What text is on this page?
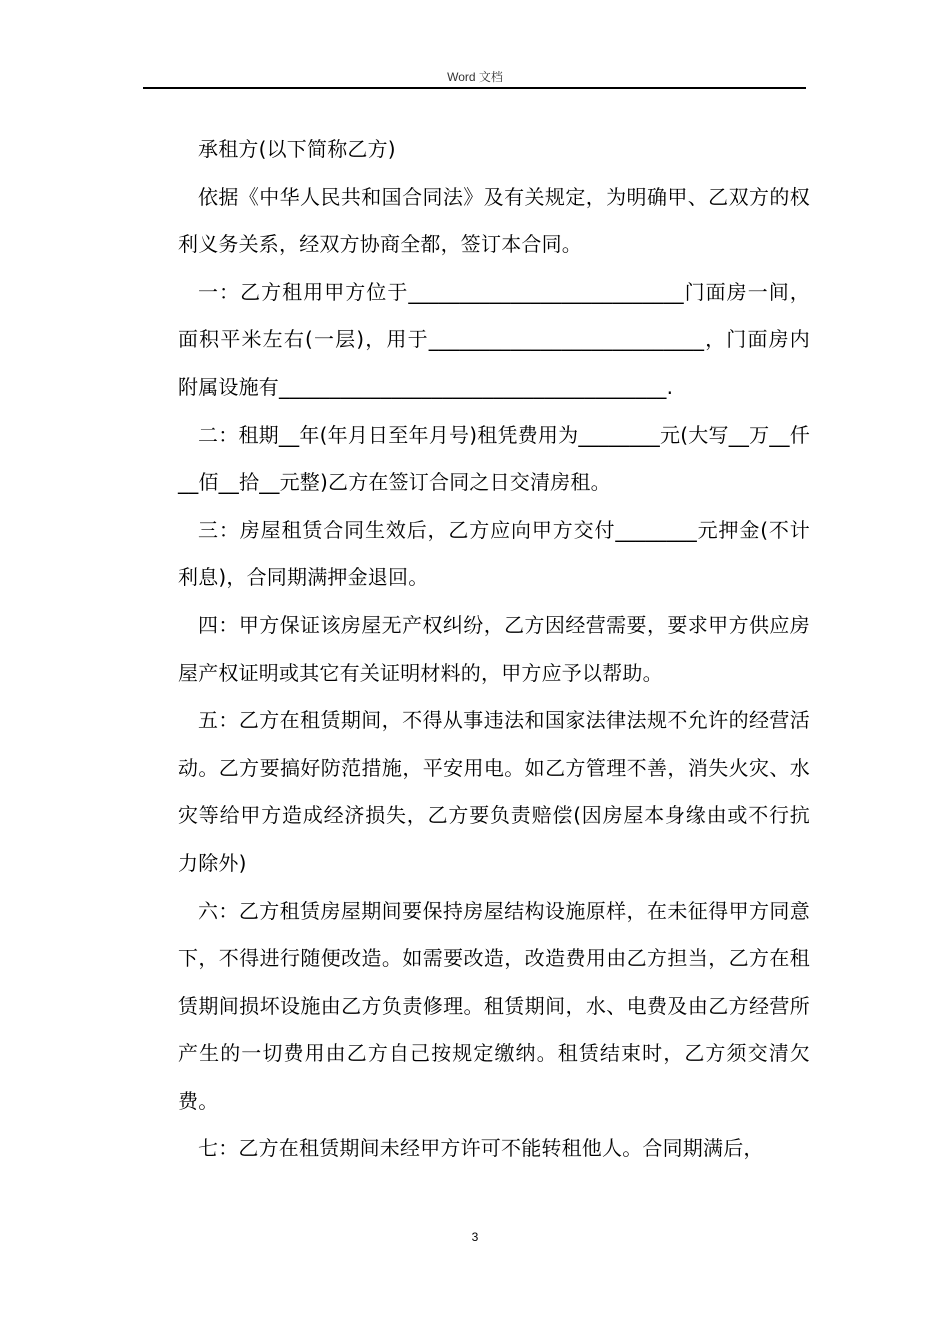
Word 文档

承租方(以下简称乙方)

依据《中华人民共和国合同法》及有关规定，为明确甲、乙双方的权利义务关系，经双方协商全都，签订本合同。

一：乙方租用甲方位于___________________________门面房一间，面积平米左右(一层)，用于___________________________，门面房内附属设施有______________________________________.

二：租期__年(年月日至年月号)租凭费用为________元(大写__万__仟__佰__拾__元整)乙方在签订合同之日交清房租。

三：房屋租赁合同生效后，乙方应向甲方交付________元押金(不计利息)，合同期满押金退回。

四：甲方保证该房屋无产权纠纷，乙方因经营需要，要求甲方供应房屋产权证明或其它有关证明材料的，甲方应予以帮助。

五：乙方在租赁期间，不得从事违法和国家法律法规不允许的经营活动。乙方要搞好防范措施，平安用电。如乙方管理不善，消失火灾、水灾等给甲方造成经济损失，乙方要负责赔偿(因房屋本身缘由或不行抗力除外)

六：乙方租赁房屋期间要保持房屋结构设施原样，在未征得甲方同意下，不得进行随便改造。如需要改造，改造费用由乙方担当，乙方在租赁期间损坏设施由乙方负责修理。租赁期间，水、电费及由乙方经营所产生的一切费用由乙方自己按规定缴纳。租赁结束时，乙方须交清欠费。

七：乙方在租赁期间未经甲方许可不能转租他人。合同期满后，

3
